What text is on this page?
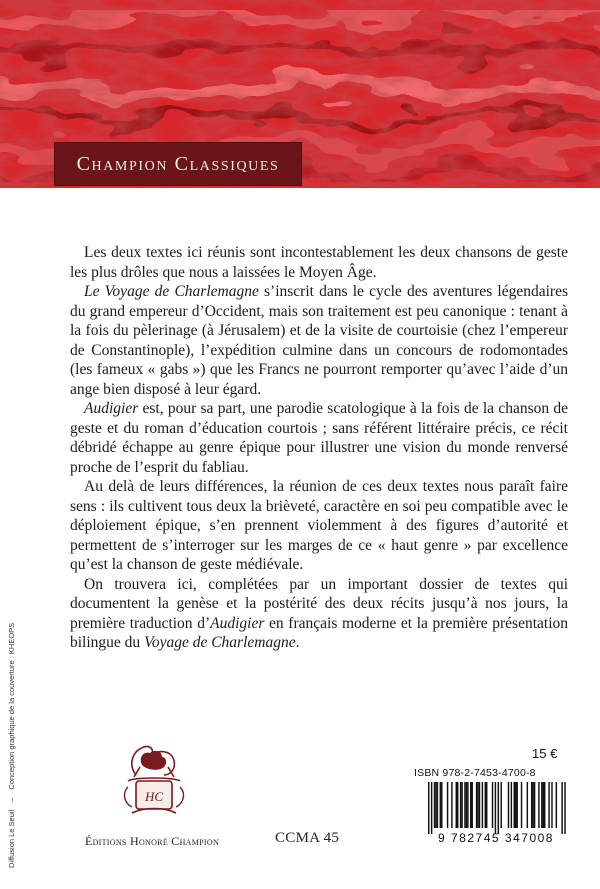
Champion Classiques

Les deux textes ici réunis sont incontestablement les deux chansons de geste les plus drôles que nous a laissées le Moyen Âge.

Le Voyage de Charlemagne s’inscrit dans le cycle des aventures légendaires du grand empereur d’Occident, mais son traitement est peu canonique : tenant à la fois du pèlerinage (à Jérusalem) et de la visite de courtoisie (chez l’empereur de Constantinople), l’expédition culmine dans un concours de rodomontades (les fameux « gabs ») que les Francs ne pourront remporter qu’avec l’aide d’un ange bien disposé à leur égard.

Audigier est, pour sa part, une parodie scatologique à la fois de la chanson de geste et du roman d’éducation courtois ; sans référent littéraire précis, ce récit débridé échappe au genre épique pour illustrer une vision du monde renversé proche de l’esprit du fabliau.

Au delà de leurs différences, la réunion de ces deux textes nous paraît faire sens : ils cultivent tous deux la brièveté, caractère en soi peu compatible avec le déploiement épique, s’en prennent violemment à des figures d’autorité et permettent de s’interroger sur les marges de ce « haut genre » par excellence qu’est la chanson de geste médiévale.

On trouvera ici, complétées par un important dossier de textes qui documentent la genèse et la postérité des deux récits jusqu’à nos jours, la première traduction d’Audigier en français moderne et la première présentation bilingue du Voyage de Charlemagne.

Diffusion Le Seuil
–
Conception graphique de la couverture : KHEOPS
HC
Éditions Honoré Champion	CCMA 45
15 €
ISBN 978-2-7453-4700-8
9 782745 347008
